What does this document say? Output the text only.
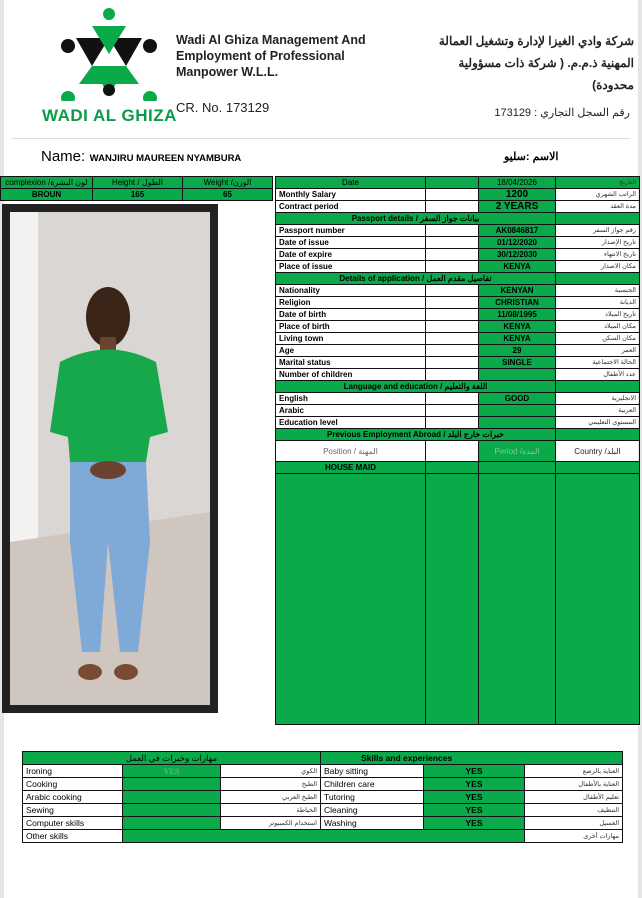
WADI AL GHIZA
Wadi Al Ghiza Management And
Employment of Professional
Manpower W.L.L.
CR. No. 173129
شركة وادي الغيزا لإدارة وتشغيل العمالة
المهنية ذ.م.م. ( شركة ذات مسؤولية
محدودة)
رقم السجل التجاري : 173129
Name: WANJIRU MAUREEN NYAMBURA	الاسم :سليو
complexion /لون البشرة	Height / الطول	Weight /الوزن
BROUN	165	65
Date		18/04/2026	التاريخ
Monthly Salary		1200	الراتب الشهري
Contract period		2 YEARS	مدة العقد
Passport details / بيانات جواز السفر			
Passport number		AK0846817	رقم جواز السفر
Date of issue		01/12/2020	تاريخ الإصدار
Date of expire		30/12/2030	تاريخ الانتهاء
Place of issue		KENYA	مكان الاصدار
Details of application / تفاصيل مقدم العمل			
Nationality		KENYAN	الجنسية
Religion		CHRISTIAN	الديانة
Date of birth		11/08/1995	تاريخ الميلاد
Place of birth		KENYA	مكان الميلاد
Living town		KENYA	مكان السكن
Age		29	العمر
Marital status		SINGLE	الحالة الاجتماعية
Number of children			عدد الأطفال
Language and education / اللغة والتعليم			
English		GOOD	الانجليزية
Arabic			العربية
Education level			المستوى التعليمي
Previous Employment Abroad / خبرات خارج البلد			
Position / المهنة		Period /المدة	Country /البلد
HOUSE MAID			

مهارات وخبرات في العمل			Skills and experiences		
Ironing	YES	الكوي	Baby sitting	YES	العناية بالرضع
Cooking		الطبخ	Children care	YES	العناية بالأطفال
Arabic cooking		الطبخ العربي	Tutoring	YES	تعليم الأطفال
Sewing		الخياطة	Cleaning	YES	التنظيف
Computer skills		استخدام الكمبيوتر	Washing	YES	الغسيل
Other skills					مهارات أخرى
